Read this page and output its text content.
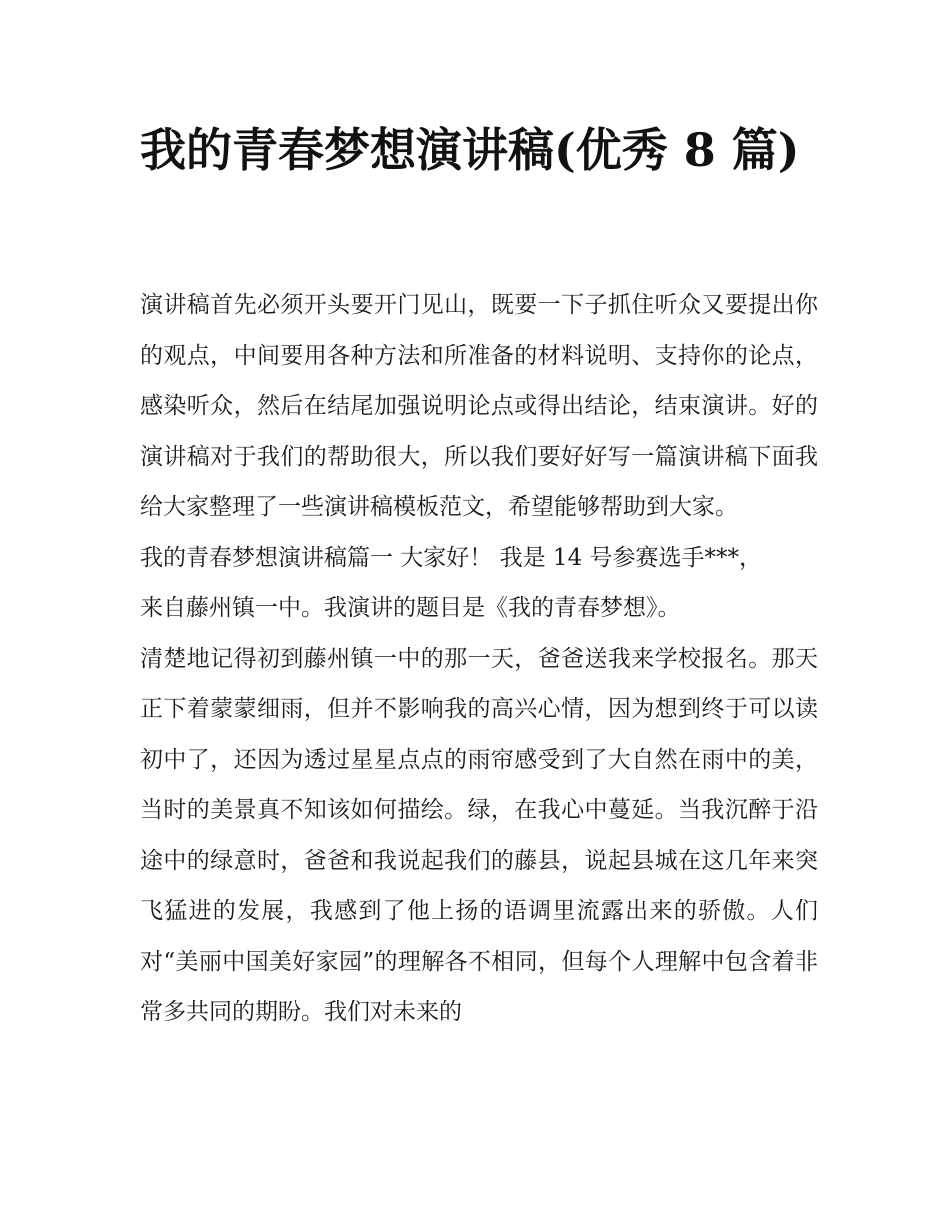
我的青春梦想演讲稿(优秀 8 篇)

演讲稿首先必须开头要开门见山，既要一下子抓住听众又要提出你的观点，中间要用各种方法和所准备的材料说明、支持你的论点，感染听众，然后在结尾加强说明论点或得出结论，结束演讲。好的演讲稿对于我们的帮助很大，所以我们要好好写一篇演讲稿下面我给大家整理了一些演讲稿模板范文，希望能够帮助到大家。

我的青春梦想演讲稿篇一 大家好！ 我是 14 号参赛选手***，

来自藤州镇一中。我演讲的题目是《我的青春梦想》。

清楚地记得初到藤州镇一中的那一天，爸爸送我来学校报名。那天正下着蒙蒙细雨，但并不影响我的高兴心情，因为想到终于可以读初中了，还因为透过星星点点的雨帘感受到了大自然在雨中的美，当时的美景真不知该如何描绘。绿，在我心中蔓延。当我沉醉于沿途中的绿意时，爸爸和我说起我们的藤县，说起县城在这几年来突飞猛进的发展，我感到了他上扬的语调里流露出来的骄傲。人们对“美丽中国美好家园”的理解各不相同，但每个人理解中包含着非常多共同的期盼。我们对未来的
